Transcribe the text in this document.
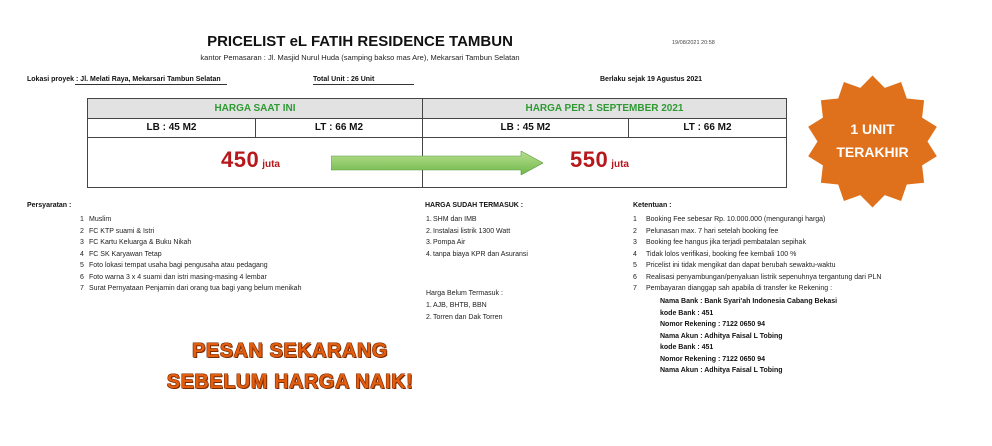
PRICELIST eL FATIH RESIDENCE TAMBUN
kantor Pemasaran : Jl. Masjid Nurul Huda (samping bakso mas Are), Mekarsari Tambun Selatan
19/08/2021 20:58
Lokasi proyek : Jl. Melati Raya, Mekarsari Tambun Selatan	Total Unit : 26 Unit	Berlaku sejak 19 Agustus 2021
HARGA SAAT INI	HARGA PER 1 SEPTEMBER 2021
LB : 45 M2	LT : 66 M2	LB : 45 M2	LT : 66 M2
450 juta	550 juta
1 UNIT
TERAKHIR
Persyaratan :
1 Muslim
2 FC KTP suami & Istri
3 FC Kartu Keluarga & Buku Nikah
4 FC SK Karyawan Tetap
5 Foto lokasi tempat usaha bagi pengusaha atau pedagang
6 Foto warna 3 x 4 suami dan istri masing-masing 4 lembar
7 Surat Pernyataan Penjamin dari orang tua bagi yang belum menikah
HARGA SUDAH TERMASUK :
1. SHM dan IMB
2. Instalasi listrik 1300 Watt
3. Pompa Air
4. tanpa biaya KPR dan Asuransi
Harga Belum Termasuk :
1. AJB, BHTB, BBN
2. Torren dan Dak Torren
Ketentuan :
1 Booking Fee sebesar Rp. 10.000.000 (mengurangi harga)
2 Pelunasan max. 7 hari setelah booking fee
3 Booking fee hangus jika terjadi pembatalan sepihak
4 Tidak lolos verifikasi, booking fee kembali 100 %
5 Pricelist ini tidak mengikat dan dapat berubah sewaktu-waktu
6 Realisasi penyambungan/penyaluan listrik sepenuhnya tergantung dari PLN
7 Pembayaran dianggap sah apabila di transfer ke Rekening :
Nama Bank : Bank Syari'ah Indonesia Cabang Bekasi
kode Bank : 451
Nomor Rekening : 7122 0650 94
Nama Akun : Adhitya Faisal L Tobing
kode Bank : 451
Nomor Rekening : 7122 0650 94
Nama Akun : Adhitya Faisal L Tobing
PESAN SEKARANG
SEBELUM HARGA NAIK!
